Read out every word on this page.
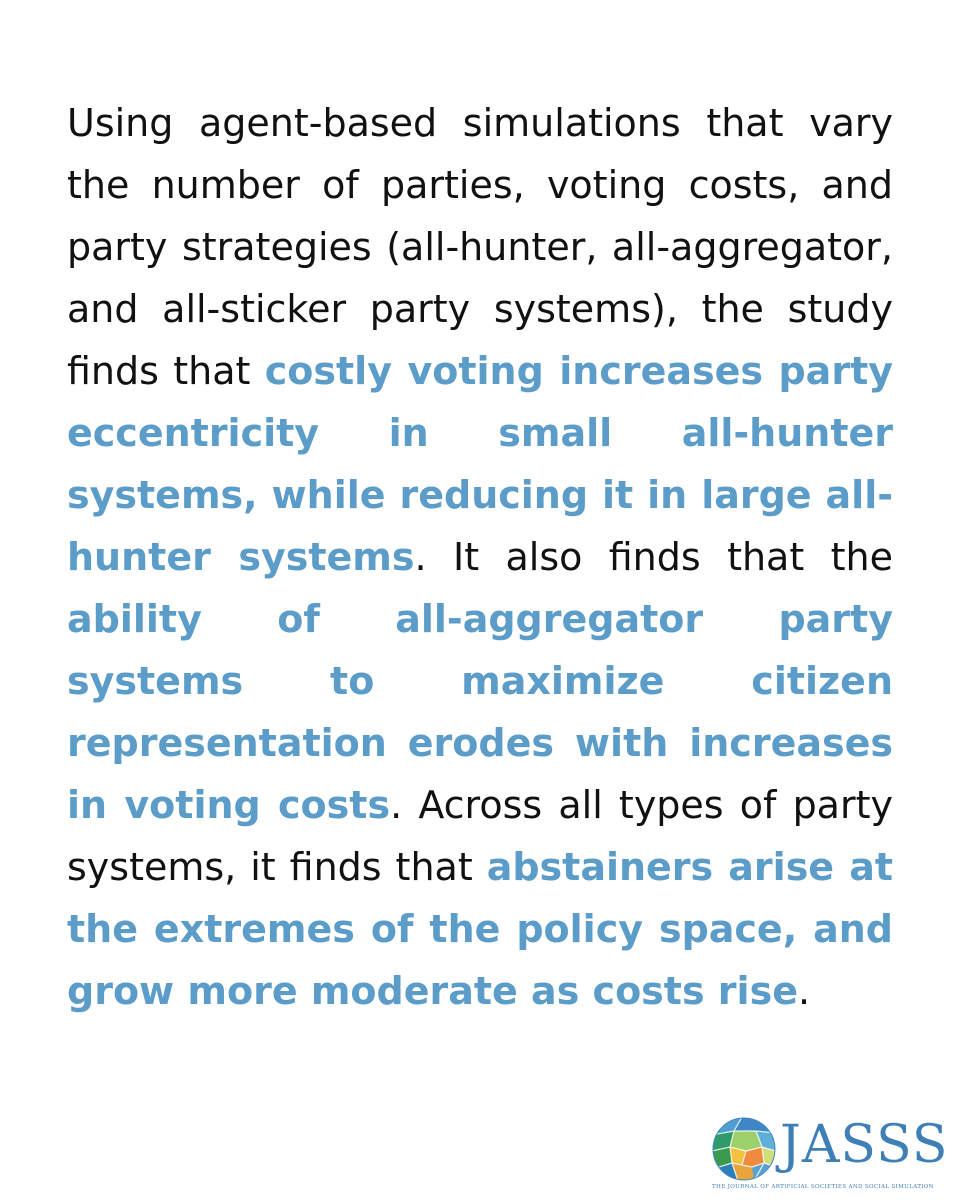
Using agent-based simulations that vary the number of parties, voting costs, and party strategies (all-hunter, all-aggregator, and all-sticker party systems), the study finds that costly voting increases party eccentricity in small all-hunter systems, while reducing it in large all-hunter systems. It also finds that the ability of all-aggregator party systems to maximize citizen representation erodes with increases in voting costs. Across all types of party systems, it finds that abstainers arise at the extremes of the policy space, and grow more moderate as costs rise.

JASSS
THE JOURNAL OF ARTIFICIAL SOCIETIES AND SOCIAL SIMULATION
